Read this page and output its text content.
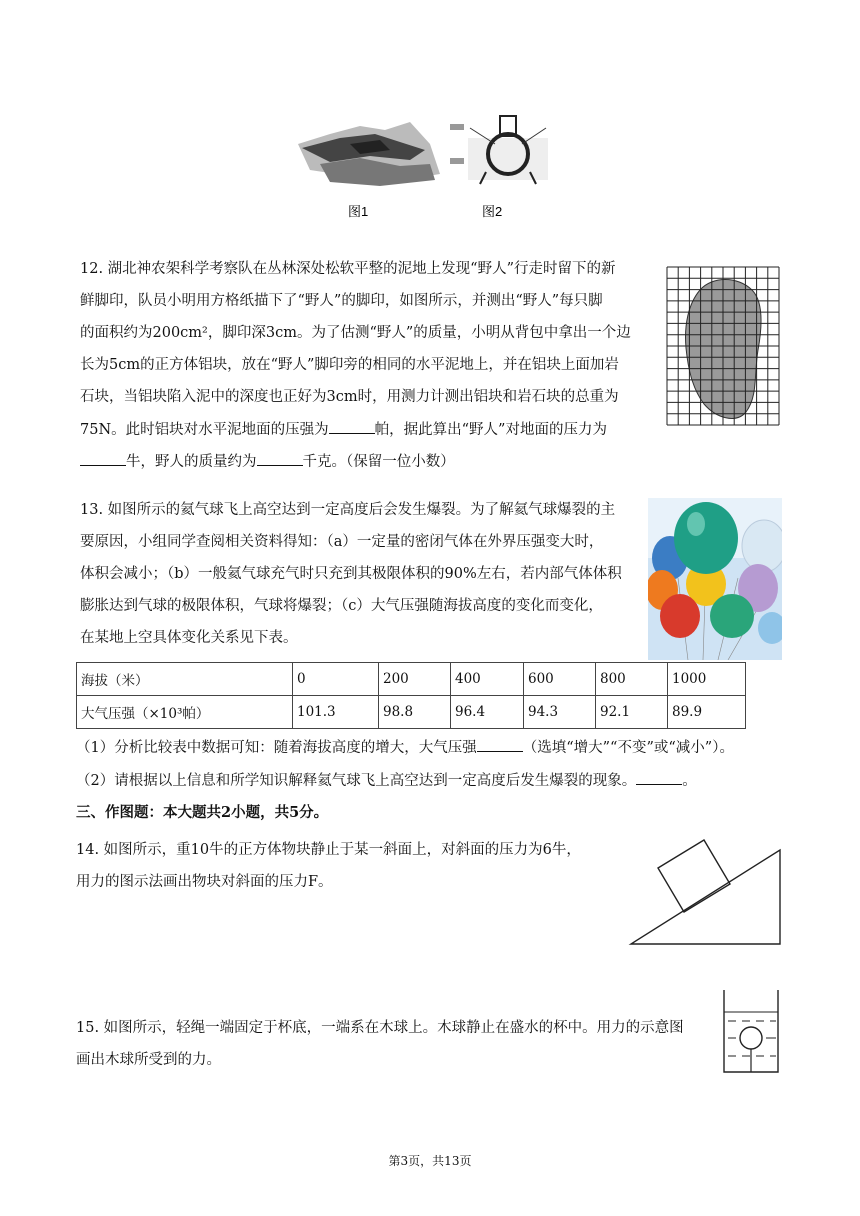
图1	图2
12. 湖北神农架科学考察队在丛林深处松软平整的泥地上发现“野人”行走时留下的新
鲜脚印，队员小明用方格纸描下了“野人”的脚印，如图所示，并测出“野人”每只脚
的面积约为200cm²，脚印深3cm。为了估测“野人”的质量，小明从背包中拿出一个边
长为5cm的正方体铝块，放在“野人”脚印旁的相同的水平泥地上，并在铝块上面加岩
石块，当铝块陷入泥中的深度也正好为3cm时，用测力计测出铝块和岩石块的总重为
75N。此时铝块对水平泥地面的压强为	帕，据此算出“野人”对地面的压力为
牛，野人的质量约为	千克。（保留一位小数）
13. 如图所示的氦气球飞上高空达到一定高度后会发生爆裂。为了解氦气球爆裂的主
要原因，小组同学查阅相关资料得知：（a）一定量的密闭气体在外界压强变大时，
体积会减小；（b）一般氦气球充气时只充到其极限体积的90%左右，若内部气体体积
膨胀达到气球的极限体积，气球将爆裂；（c）大气压强随海拔高度的变化而变化，
在某地上空具体变化关系见下表。
海拔（米）	0	200	400	600	800	1000
大气压强（×10³帕）	101.3	98.8	96.4	94.3	92.1	89.9
（1）分析比较表中数据可知：随着海拔高度的增大，大气压强	（选填“增大”“不变”或“减小”）。
（2）请根据以上信息和所学知识解释氦气球飞上高空达到一定高度后发生爆裂的现象。	。
三、作图题：本大题共2小题，共5分。
14. 如图所示，重10牛的正方体物块静止于某一斜面上，对斜面的压力为6牛，
用力的图示法画出物块对斜面的压力F。
15. 如图所示，轻绳一端固定于杯底，一端系在木球上。木球静止在盛水的杯中。用力的示意图
画出木球所受到的力。
第3页，共13页
